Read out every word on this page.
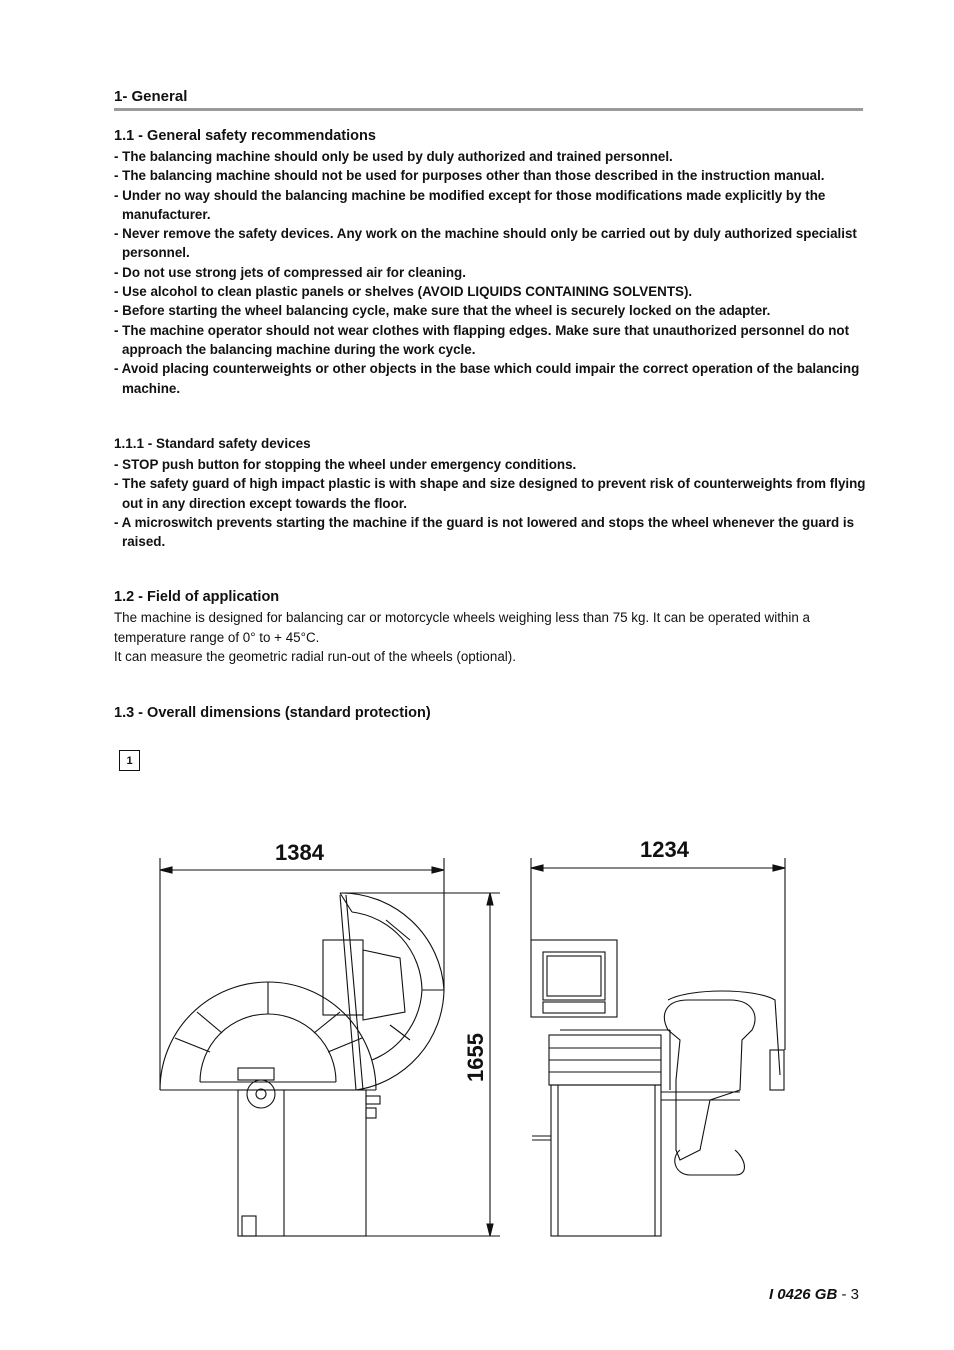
1- General
1.1 - General safety recommendations
- The balancing machine should only be used by duly authorized and trained personnel.
- The balancing machine should not be used for purposes other than those described in the instruction manual.
- Under no way should the balancing machine be modified except for those modifications made explicitly by the manufacturer.
- Never remove the safety devices. Any work on the machine should only be carried out by duly authorized specialist personnel.
- Do not use strong jets of compressed air for cleaning.
- Use alcohol to clean plastic panels or shelves (AVOID LIQUIDS CONTAINING SOLVENTS).
- Before starting the wheel balancing cycle, make sure that the wheel is securely locked on the adapter.
- The machine operator should not wear clothes with flapping edges. Make sure that unauthorized personnel do not approach the balancing machine during the work cycle.
- Avoid placing counterweights or other objects in the base which could impair the correct operation of the balancing machine.
1.1.1 - Standard safety devices
- STOP push button for stopping the wheel under emergency conditions.
- The safety guard of high impact plastic is with shape and size designed to prevent risk of counterweights from flying out in any direction except towards the floor.
- A microswitch prevents starting the machine if the guard is not lowered and stops the wheel whenever the guard is raised.
1.2 - Field of application

The machine is designed for balancing car or motorcycle wheels weighing less than 75 kg. It can be operated within a temperature range of 0° to + 45°C.

It can measure the geometric radial run-out of the wheels (optional).

1.3 - Overall dimensions (standard protection)
1
1384	1234
1655
I 0426 GB - 3
